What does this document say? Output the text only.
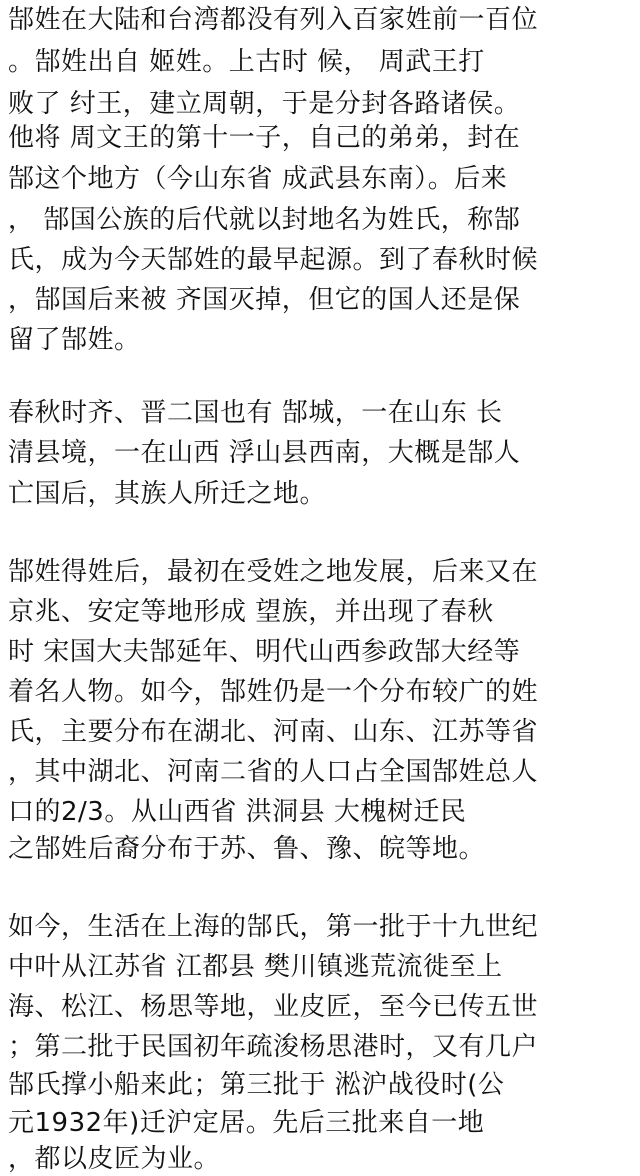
郜姓在大陆和台湾都没有列入百家姓前一百位
。郜姓出自 姬姓。上古时 候， 周武王打
败了 纣王，建立周朝，于是分封各路诸侯。
他将 周文王的第十一子，自己的弟弟，封在
郜这个地方（今山东省 成武县东南）。后来
， 郜国公族的后代就以封地名为姓氏，称郜
氏，成为今天郜姓的最早起源。到了春秋时候
，郜国后来被 齐国灭掉，但它的国人还是保
留了郜姓。
春秋时齐、晋二国也有 郜城，一在山东 长
清县境，一在山西 浮山县西南，大概是郜人
亡国后，其族人所迁之地。
郜姓得姓后，最初在受姓之地发展，后来又在
京兆、安定等地形成 望族，并出现了春秋
时 宋国大夫郜延年、明代山西参政郜大经等
着名人物。如今，郜姓仍是一个分布较广的姓
氏，主要分布在湖北、河南、山东、江苏等省
，其中湖北、河南二省的人口占全国郜姓总人
口的2/3。从山西省 洪洞县 大槐树迁民
之郜姓后裔分布于苏、鲁、豫、皖等地。
如今，生活在上海的郜氏，第一批于十九世纪
中叶从江苏省 江都县 樊川镇逃荒流徙至上
海、松江、杨思等地，业皮匠，至今已传五世
；第二批于民国初年疏浚杨思港时，又有几户
郜氏撑小船来此；第三批于 淞沪战役时(公
元1932年)迁沪定居。先后三批来自一地
，都以皮匠为业。
